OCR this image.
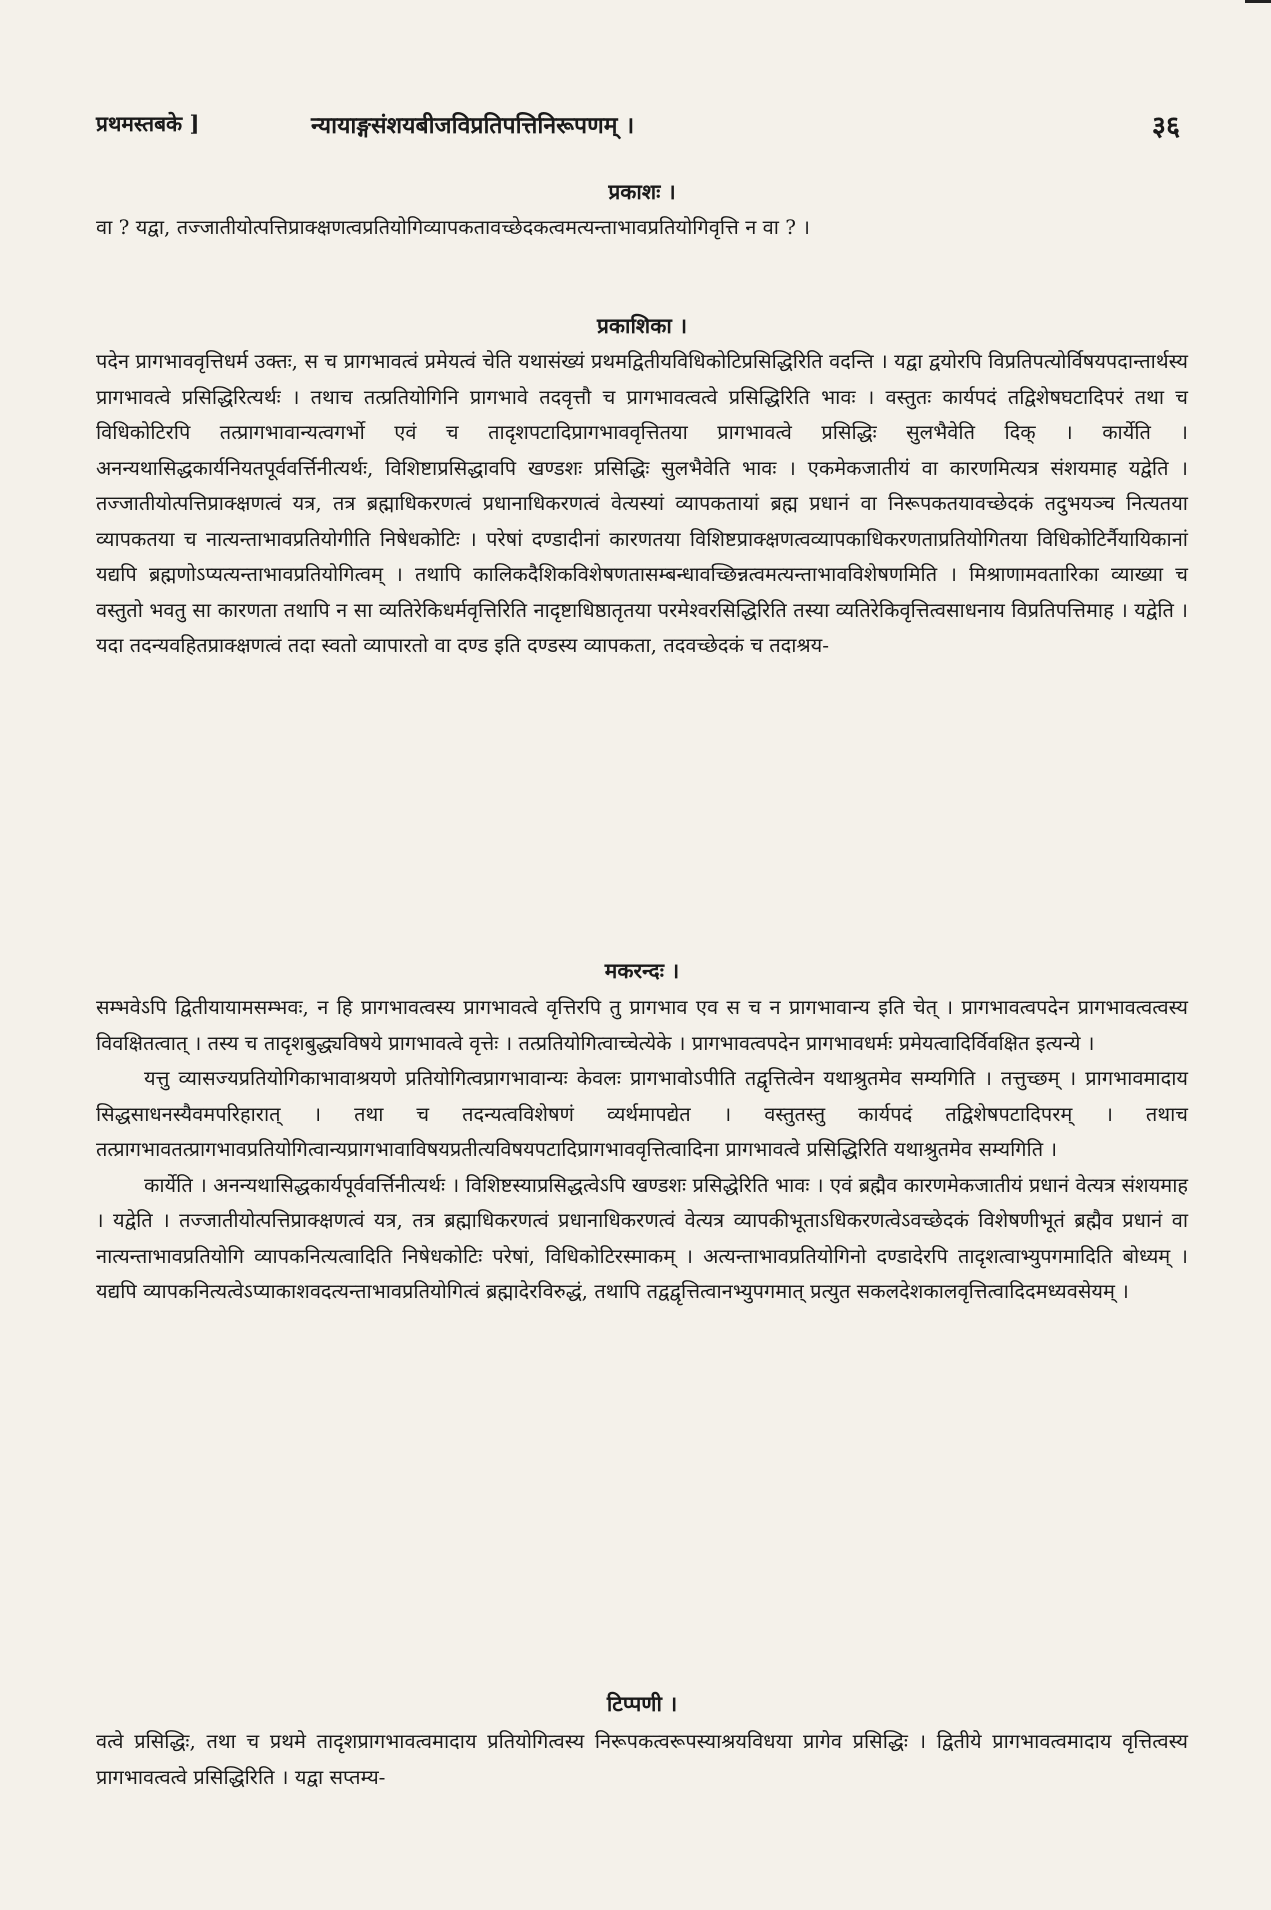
प्रथमस्तबके ]	न्यायाङ्गसंशयबीजविप्रतिपत्तिनिरूपणम् ।	३६
प्रकाशः ।

वा ? यद्वा, तज्जातीयोत्पत्तिप्राक्क्षणत्वप्रतियोगिव्यापकतावच्छेदकत्वमत्यन्ताभावप्रतियोगिवृत्ति न वा ? ।

प्रकाशिका ।

पदेन प्रागभाववृत्तिधर्म उक्तः, स च प्रागभावत्वं प्रमेयत्वं चेति यथासंख्यं प्रथमद्वितीयविधिकोटिप्रसिद्धिरिति वदन्ति । यद्वा द्वयोरपि विप्रतिपत्योर्विषयपदान्तार्थस्य प्रागभावत्वे प्रसिद्धिरित्यर्थः । तथाच तत्प्रतियोगिनि प्रागभावे तदवृत्तौ च प्रागभावत्वत्वे प्रसिद्धिरिति भावः । वस्तुतः कार्यपदं तद्विशेषघटादिपरं तथा च विधिकोटिरपि तत्प्रागभावान्यत्वगर्भो एवं च तादृशपटादिप्रागभाववृत्तितया प्रागभावत्वे प्रसिद्धिः सुलभैवेति दिक् । कार्येति । अनन्यथासिद्धकार्यनियतपूर्ववर्त्तिनीत्यर्थः, विशिष्टाप्रसिद्धावपि खण्डशः प्रसिद्धिः सुलभैवेति भावः । एकमेकजातीयं वा कारणमित्यत्र संशयमाह यद्वेति । तज्जातीयोत्पत्तिप्राक्क्षणत्वं यत्र, तत्र ब्रह्माधिकरणत्वं प्रधानाधिकरणत्वं वेत्यस्यां व्यापकतायां ब्रह्म प्रधानं वा निरूपकतयावच्छेदकं तदुभयञ्च नित्यतया व्यापकतया च नात्यन्ताभावप्रतियोगीति निषेधकोटिः । परेषां दण्डादीनां कारणतया विशिष्टप्राक्क्षणत्वव्यापकाधिकरणताप्रतियोगितया विधिकोटिर्नैयायिकानां यद्यपि ब्रह्मणोऽप्यत्यन्ताभावप्रतियोगित्वम् । तथापि कालिकदैशिकविशेषणतासम्बन्धावच्छिन्नत्वमत्यन्ताभावविशेषणमिति । मिश्राणामवतारिका व्याख्या च वस्तुतो भवतु सा कारणता तथापि न सा व्यतिरेकिधर्मवृत्तिरिति नादृष्टाधिष्ठातृतया परमेश्वरसिद्धिरिति तस्या व्यतिरेकिवृत्तित्वसाधनाय विप्रतिपत्तिमाह । यद्वेति । यदा तदन्यवहितप्राक्क्षणत्वं तदा स्वतो व्यापारतो वा दण्ड इति दण्डस्य व्यापकता, तदवच्छेदकं च तदाश्रय-

मकरन्दः ।

सम्भवेऽपि द्वितीयायामसम्भवः, न हि प्रागभावत्वस्य प्रागभावत्वे वृत्तिरपि तु प्रागभाव एव स च न प्रागभावान्य इति चेत् । प्रागभावत्वपदेन प्रागभावत्वत्वस्य विवक्षितत्वात् । तस्य च तादृशबुद्ध्यविषये प्रागभावत्वे वृत्तेः । तत्प्रतियोगित्वाच्चेत्येके । प्रागभावत्वपदेन प्रागभावधर्मः प्रमेयत्वादिर्विवक्षित इत्यन्ये ।

यत्तु व्यासज्यप्रतियोगिकाभावाश्रयणे प्रतियोगित्वप्रागभावान्यः केवलः प्रागभावोऽपीति तद्वृत्तित्वेन यथाश्रुतमेव सम्यगिति । तत्तुच्छम् । प्रागभावमादाय सिद्धसाधनस्यैवमपरिहारात् । तथा च तदन्यत्वविशेषणं व्यर्थमापद्येत । वस्तुतस्तु कार्यपदं तद्विशेषपटादिपरम् । तथाच तत्प्रागभावतत्प्रागभावप्रतियोगित्वान्यप्रागभावाविषयप्रतीत्यविषयपटादिप्रागभाववृत्तित्वादिना प्रागभावत्वे प्रसिद्धिरिति यथाश्रुतमेव सम्यगिति ।

कार्येति । अनन्यथासिद्धकार्यपूर्ववर्त्तिनीत्यर्थः । विशिष्टस्याप्रसिद्धत्वेऽपि खण्डशः प्रसिद्धेरिति भावः । एवं ब्रह्मैव कारणमेकजातीयं प्रधानं वेत्यत्र संशयमाह । यद्वेति । तज्जातीयोत्पत्तिप्राक्क्षणत्वं यत्र, तत्र ब्रह्माधिकरणत्वं प्रधानाधिकरणत्वं वेत्यत्र व्यापकीभूताऽधिकरणत्वेऽवच्छेदकं विशेषणीभूतं ब्रह्मैव प्रधानं वा नात्यन्ताभावप्रतियोगि व्यापकनित्यत्वादिति निषेधकोटिः परेषां, विधिकोटिरस्माकम् । अत्यन्ताभावप्रतियोगिनो दण्डादेरपि तादृशत्वाभ्युपगमादिति बोध्यम् । यद्यपि व्यापकनित्यत्वेऽप्याकाशवदत्यन्ताभावप्रतियोगित्वं ब्रह्मादेरविरुद्धं, तथापि तद्वद्वृत्तित्वानभ्युपगमात् प्रत्युत सकलदेशकालवृत्तित्वादिदमध्यवसेयम् ।

टिप्पणी ।

वत्वे प्रसिद्धिः, तथा च प्रथमे तादृशप्रागभावत्वमादाय प्रतियोगित्वस्य निरूपकत्वरूपस्याश्रयविधया प्रागेव प्रसिद्धिः । द्वितीये प्रागभावत्वमादाय वृत्तित्वस्य प्रागभावत्वत्वे प्रसिद्धिरिति । यद्वा सप्तम्य-
